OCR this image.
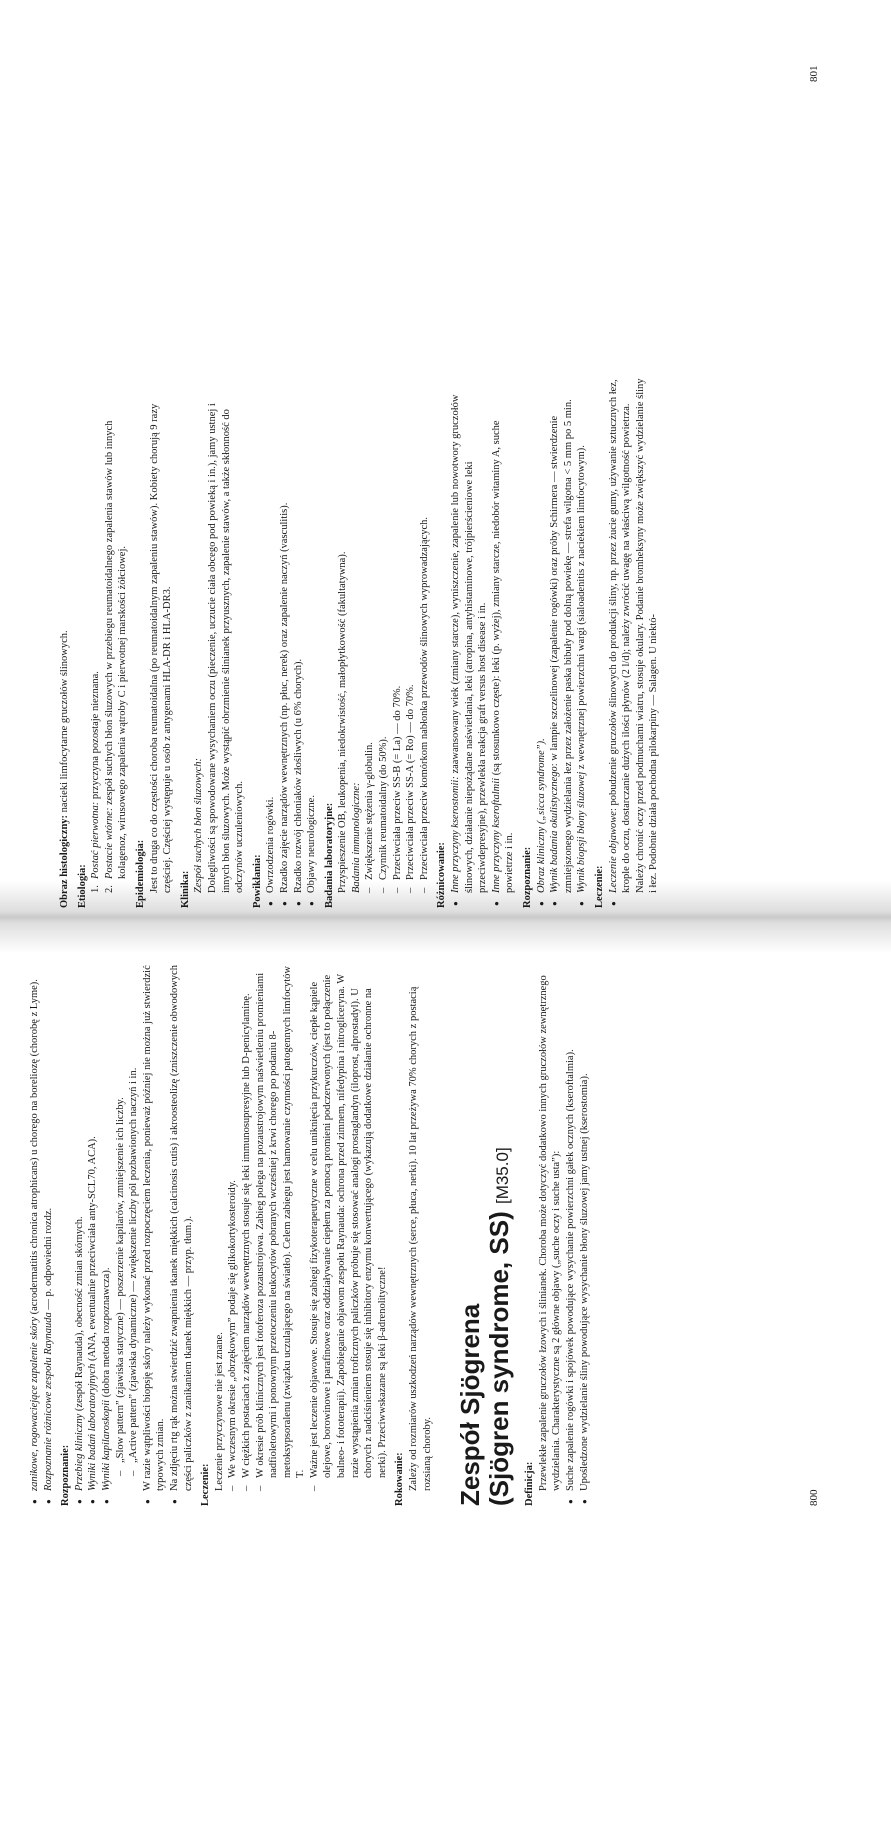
● zanikowe, rogowaciejące zapalenie skóry (acrodermatitis chronica atrophicans) u chorego na boreliozę (chorobę z Lyme).
● Rozpoznanie różnicowe zespołu Raynauda — p. odpowiedni rozdz.
Rozpoznanie: ● Przebieg kliniczny (zespół Raynauda), obecność zmian skórnych.
● Wyniki badań laboratoryjnych (ANA, ewentualnie przeciwciała anty-SCL70, ACA).
● Wyniki kapilaroskopii (dobra metoda rozpoznawcza). – „Slow pattern” (zjawiska statyczne) — poszerzenie kapilarów, zmniejszenie ich liczby. – „Active pattern” (zjawiska dynamiczne) — zwiększenie liczby pól pozbawionych naczyń i in. ● W razie wątpliwości biopsję skóry należy wykonać przed rozpoczęciem leczenia, ponieważ później nie można już stwierdzić typowych zmian. ● Na zdjęciu rtg rąk można stwierdzić zwapnienia tkanek miękkich (calcinosis cutis) i akroosteolizę (zniszczenie obwodowych części paliczków z zanikaniem tkanek miękkich — przyp. tłum.). Leczenie: Leczenie przyczynowe nie jest znane. – We wczesnym okresie „obrzękowym” podaje się glikokortykosteroidy. – W ciężkich postaciach z zajęciem narządów wewnętrznych stosuje się leki immunosupresyjne lub D-penicylaminę. – W okresie prób klinicznych jest fotoferoza pozaustrojowa. Zabieg polega na pozaustrojowym naświetleniu promieniami nadfioletowymi i ponownym przetoczeniu leukocytów pobranych wcześniej z krwi chorego po podaniu 8-metoksypsoralenu (związku uczulającego na światło). Celem zabiegu jest hamowanie czynności patogennych limfocytów T. – Ważne jest leczenie objawowe. Stosuje się zabiegi fizykoterapeutyczne w celu uniknięcia przykurczów, ciepłe kąpiele olejowe, borowinowe i parafinowe oraz oddziaływanie ciepłem za pomocą promieni podczerwonych (jest to połączenie balneo- i fototerapii). Zapobieganie objawom zespołu Raynauda: ochrona przed zimnem, nifedypina i nitrogliceryna. W razie wystąpienia zmian troficznych paliczków próbuje się stosować analogi prostaglandyn (iloprost, alprostadyl). U chorych z nadciśnieniem stosuje się inhibitory enzymu konwertującego (wykazują dodatkowe działanie ochronne na nerki). Przeciwwskazane są leki β-adrenolityczne!
Rokowanie: Zależy od rozmiarów uszkodzeń narządów wewnętrznych (serce, płuca, nerki). 10 lat przeżywa 70% chorych z postacią rozsianą choroby. Zespół Sjögrena (Sjögren syndrome, SS) [M35.0]
Definicja: Przewlekłe zapalenie gruczołów łzowych i ślinianek. Choroba może dotyczyć dodatkowo innych gruczołów zewnętrznego wydzielania. Charakterystyczne są 2 główne objawy („suche oczy i suche usta”): ● Suche zapalenie rogówki i spojówek powodujące wysychanie powierzchni gałek ocznych (kseroftalmia). ● Upośledzone wydzielanie śliny powodujące wysychanie błony śluzowej jamy ustnej (kserostomia).
800
Obraz histologiczny: nacieki limfocytarne gruczołów ślinowych.
Etiologia:
Postać pierwotna: przyczyna pozostaje nieznana.
Postacie wtórne: zespół suchych błon śluzowych w przebiegu reumatoidalnego zapalenia stawów lub innych kolagenoz, wirusowego zapalenia wątroby C i pierwotnej marskości żółciowej. Epidemiologia: Jest to druga co do częstości choroba reumatoidalna (po reumatoidalnym zapaleniu stawów). Kobiety chorują 9 razy częściej. Częściej występuje u osób z antygenami HLA-DR i HLA-DR3. Klinika: Zespół suchych błon śluzowych: Dolegliwości są spowodowane wysychaniem oczu (pieczenie, uczucie ciała obcego pod powieką i in.), jamy ustnej i innych błon śluzowych. Może wystąpić obrzmienie ślinianek przyusznych, zapalenie stawów, a także skłonność do odczynów uczuleniowych. Powikłania: ● Owrzodzenia rogówki. ● Rzadko zajęcie narządów wewnętrznych (np. płuc, nerek) oraz zapalenie naczyń (vasculitis). ● Rzadko rozwój chłoniaków złośliwych (u 6% chorych). ● Objawy neurologiczne. Badania laboratoryjne: Przyspieszenie OB, leukopenia, niedokrwistość, małopłytkowość (fakultatywna). Badania immunologiczne: – Zwiększenie stężenia γ-globulin. – Czynnik reumatoidalny (do 50%). – Przeciwciała przeciw SS-B (= La) — do 70%. – Przeciwciała przeciw SS-A (= Ro) — do 70%. – Przeciwciała przeciw komórkom nabłonka przewodów ślinowych wyprowadzających. Różnicowanie: ● Inne przyczyny kserostomii: zaawansowany wiek (zmiany starcze), wyniszczenie, zapalenie lub nowotwory gruczołów ślinowych, działanie niepożądane naświetlania, leki (atropina, antyhistaminowe, trójpierścieniowe leki przeciwdepresyjne), przewlekła reakcja graft versus host disease i in. ● Inne przyczyny kseroftalmii (są stosunkowo częste): leki (p. wyżej), zmiany starcze, niedobór witaminy A, suche powietrze i in. Rozpoznanie: ● Obraz kliniczny („sicca syndrome”). ● Wynik badania okulistycznego: w lampie szczelinowej (zapalenie rogówki) oraz próby Schirmera — stwierdzenie zmniejszonego wydzielania łez przez założenie paska bibuły pod dolną powiekę — strefa wilgotna < 5 mm po 5 min. ● Wynik biopsji błony śluzowej z wewnętrznej powierzchni wargi (sialoadenitis z naciekiem limfocytowym).
Leczenie: ● Leczenie objawowe: pobudzenie gruczołów ślinowych do produkcji śliny, np. przez żucie gumy, używanie sztucznych łez, krople do oczu, dostarczanie dużych ilości płynów (2 l/d); należy zwrócić uwagę na właściwą wilgotność powietrza. Należy chronić oczy przed podmuchami wiatru, stosuje okulary. Podanie bromheksyny może zwiększyć wydzielanie śliny i łez. Podobnie działa pochodna pilokarpiny — Salagen. U niektó-
801
